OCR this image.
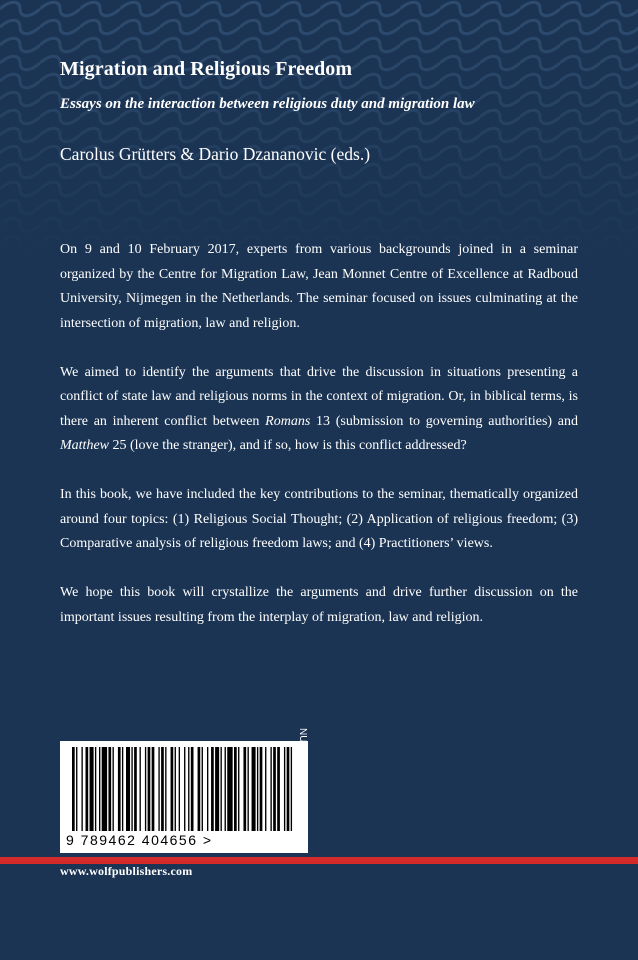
Migration and Religious Freedom

Essays on the interaction between religious duty and migration law

Carolus Grütters & Dario Dzananovic (eds.)

On 9 and 10 February 2017, experts from various backgrounds joined in a seminar organized by the Centre for Migration Law, Jean Monnet Centre of Excellence at Radboud University, Nijmegen in the Netherlands. The seminar focused on issues culminating at the intersection of migration, law and religion.

We aimed to identify the arguments that drive the discussion in situations presenting a conflict of state law and religious norms in the context of migration. Or, in biblical terms, is there an inherent conflict between Romans 13 (submission to governing authorities) and Matthew 25 (love the stranger), and if so, how is this conflict addressed?

In this book, we have included the key contributions to the seminar, thematically organized around four topics: (1) Religious Social Thought; (2) Application of religious freedom; (3) Comparative analysis of religious freedom laws; and (4) Practitioners’ views.

We hope this book will crystallize the arguments and drive further discussion on the important issues resulting from the interplay of migration, law and religion.

9 789462 404656 >
NUR 820

www.wolfpublishers.com
